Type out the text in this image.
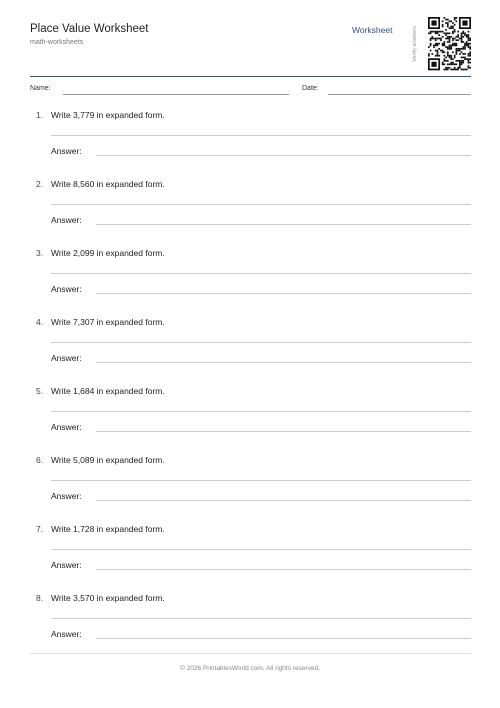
Place Value Worksheet
math-worksheets
Worksheet	Verify answers
Name:	Date:
1. Write 3,779 in expanded form.
Answer:
2. Write 8,560 in expanded form.
Answer:
3. Write 2,099 in expanded form.
Answer:
4. Write 7,307 in expanded form.
Answer:
5. Write 1,684 in expanded form.
Answer:
6. Write 5,089 in expanded form.
Answer:
7. Write 1,728 in expanded form.
Answer:
8. Write 3,570 in expanded form.
Answer:
© 2026 PrintablesWorld.com. All rights reserved.
